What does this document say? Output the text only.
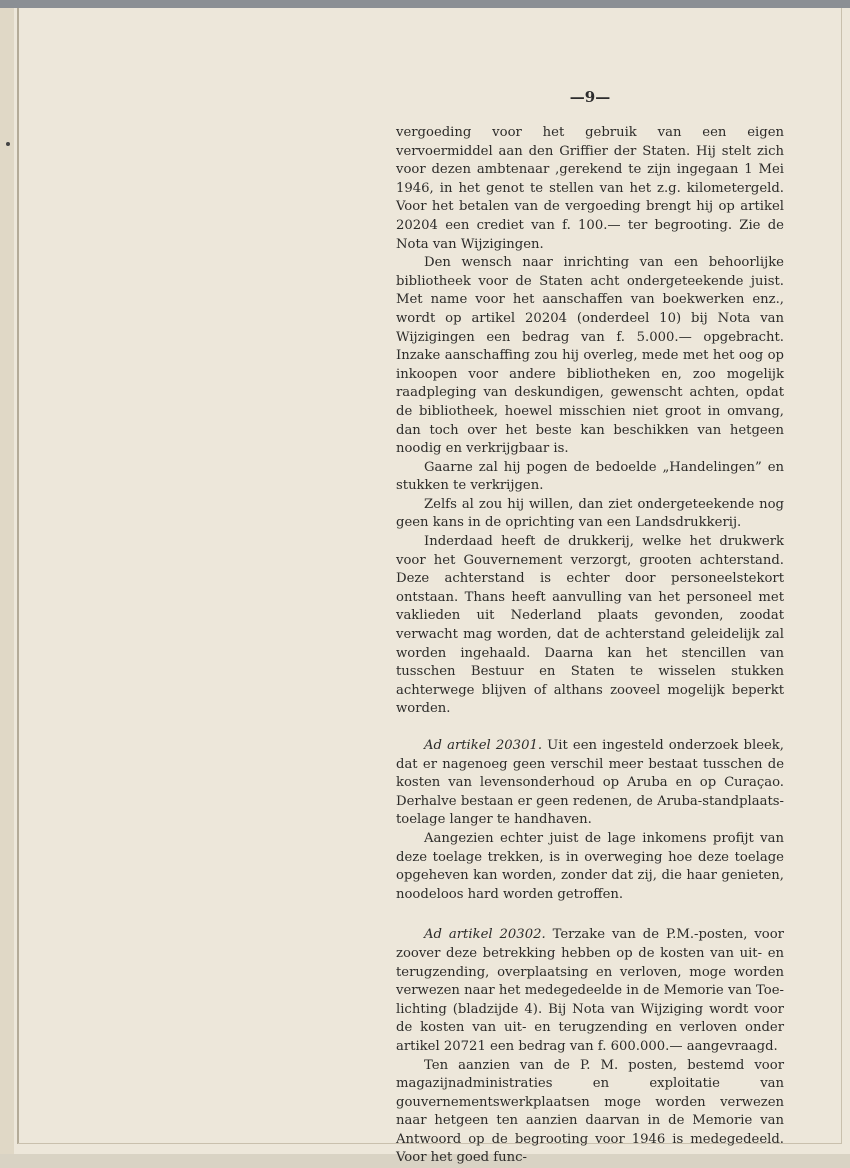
—9—

vergoeding voor het gebruik van een eigen vervoermiddel aan den Griffier der Staten. Hij stelt zich voor dezen ambtenaar ,gerekend te zijn ingegaan 1 Mei 1946, in het genot te stellen van het z.g. kilometergeld. Voor het betalen van de vergoeding brengt hij op artikel 20204 een crediet van f. 100.— ter begrooting. Zie de Nota van Wijzigingen.

Den wensch naar inrichting van een behoorlijke bibliotheek voor de Staten acht ondergeteekende juist. Met name voor het aanschaffen van boekwerken enz., wordt op artikel 20204 (onderdeel 10) bij Nota van Wijzigingen een bedrag van f. 5.000.— opgebracht. Inzake aanschaffing zou hij overleg, mede met het oog op inkoopen voor andere bibliotheken en, zoo mogelijk raadpleging van deskundigen, gewenscht achten, opdat de bibliotheek, hoewel misschien niet groot in omvang, dan toch over het beste kan beschikken van hetgeen noodig en verkrijgbaar is.

Gaarne zal hij pogen de bedoelde „Handelingen” en stukken te verkrijgen.

Zelfs al zou hij willen, dan ziet ondergeteekende nog geen kans in de oprichting van een Landsdrukkerij.

Inderdaad heeft de drukkerij, welke het drukwerk voor het Gouvernement verzorgt, grooten achterstand. Deze achterstand is echter door personeelstekort ontstaan. Thans heeft aanvulling van het personeel met vaklieden uit Nederland plaats gevonden, zoodat verwacht mag worden, dat de achterstand geleidelijk zal worden ingehaald. Daarna kan het stencillen van tusschen Bestuur en Staten te wisselen stukken achterwege blijven of althans zooveel mogelijk beperkt worden.

Ad artikel 20301. Uit een ingesteld onderzoek bleek, dat er nagenoeg geen verschil meer bestaat tusschen de kosten van levensonderhoud op Aruba en op Curaçao. Derhalve bestaan er geen redenen, de Aruba-standplaatstoelage langer te handhaven.

Aangezien echter juist de lage inkomens profijt van deze toelage trekken, is in overweging hoe deze toelage opgeheven kan worden, zonder dat zij, die haar genieten, noodeloos hard worden getroffen.

Ad artikel 20302. Terzake van de P.M.-posten, voor zoover deze betrekking hebben op de kosten van uit- en terugzending, overplaatsing en verloven, moge worden verwezen naar het medegedeelde in de Memorie van Toelichting (bladzijde 4). Bij Nota van Wijziging wordt voor de kosten van uit- en terugzending en verloven onder artikel 20721 een bedrag van f. 600.000.— aangevraagd.

Ten aanzien van de P. M. posten, bestemd voor magazijnadministraties en exploitatie van gouvernementswerkplaatsen moge worden verwezen naar hetgeen ten aanzien daarvan in de Memorie van Antwoord op de begrooting voor 1946 is medegedeeld. Voor het goed func-
